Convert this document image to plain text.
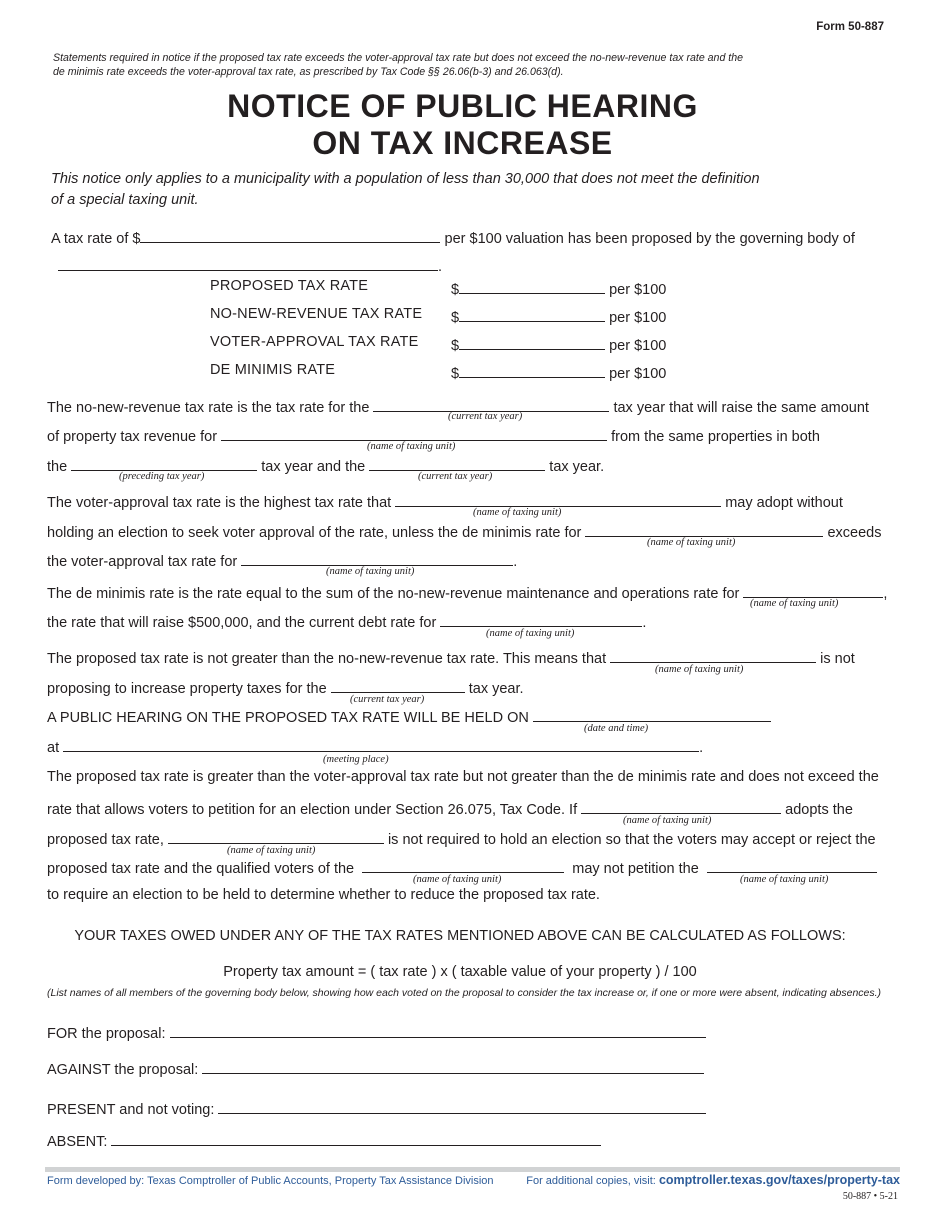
Form 50-887
Statements required in notice if the proposed tax rate exceeds the voter-approval tax rate but does not exceed the no-new-revenue tax rate and the de minimis rate exceeds the voter-approval tax rate, as prescribed by Tax Code §§ 26.06(b-3) and 26.063(d).
NOTICE OF PUBLIC HEARING
ON TAX INCREASE
This notice only applies to a municipality with a population of less than 30,000 that does not meet the definition of a special taxing unit.
A tax rate of $	per $100 valuation has been proposed by the governing body of
.
PROPOSED TAX RATE	$	per $100
NO-NEW-REVENUE TAX RATE $	per $100
VOTER-APPROVAL TAX RATE $	per $100
DE MINIMIS RATE	$	per $100
The no-new-revenue tax rate is the tax rate for the	tax year that will raise the same amount
(current tax year)
of property tax revenue for	from the same properties in both
(name of taxing unit)
the	tax year and the	tax year.
(preceding tax year)	(current tax year)
The voter-approval tax rate is the highest tax rate that	may adopt without
(name of taxing unit)
holding an election to seek voter approval of the rate, unless the de minimis rate for	exceeds
(name of taxing unit)
the voter-approval tax rate for	.
(name of taxing unit)
The de minimis rate is the rate equal to the sum of the no-new-revenue maintenance and operations rate for	,
(name of taxing unit)
the rate that will raise $500,000, and the current debt rate for	.
(name of taxing unit)
The proposed tax rate is not greater than the no-new-revenue tax rate. This means that	is not
(name of taxing unit)
proposing to increase property taxes for the	tax year.
(current tax year)
A PUBLIC HEARING ON THE PROPOSED TAX RATE WILL BE HELD ON
(date and time)
at	.
(meeting place)
The proposed tax rate is greater than the voter-approval tax rate but not greater than the de minimis rate and does not exceed the
rate that allows voters to petition for an election under Section 26.075, Tax Code. If	adopts the
(name of taxing unit)
proposed tax rate,	is not required to hold an election so that the voters may accept or reject the
(name of taxing unit)
proposed tax rate and the qualified voters of the	may not petition the
(name of taxing unit)	(name of taxing unit)
to require an election to be held to determine whether to reduce the proposed tax rate.
YOUR TAXES OWED UNDER ANY OF THE TAX RATES MENTIONED ABOVE CAN BE CALCULATED AS FOLLOWS:
Property tax amount = ( tax rate ) x ( taxable value of your property ) / 100
(List names of all members of the governing body below, showing how each voted on the proposal to consider the tax increase or, if one or more were absent, indicating absences.)
FOR the proposal:
AGAINST the proposal:
PRESENT and not voting:
ABSENT:
Form developed by: Texas Comptroller of Public Accounts, Property Tax Assistance Division	For additional copies, visit: comptroller.texas.gov/taxes/property-tax
50-887 • 5-21
